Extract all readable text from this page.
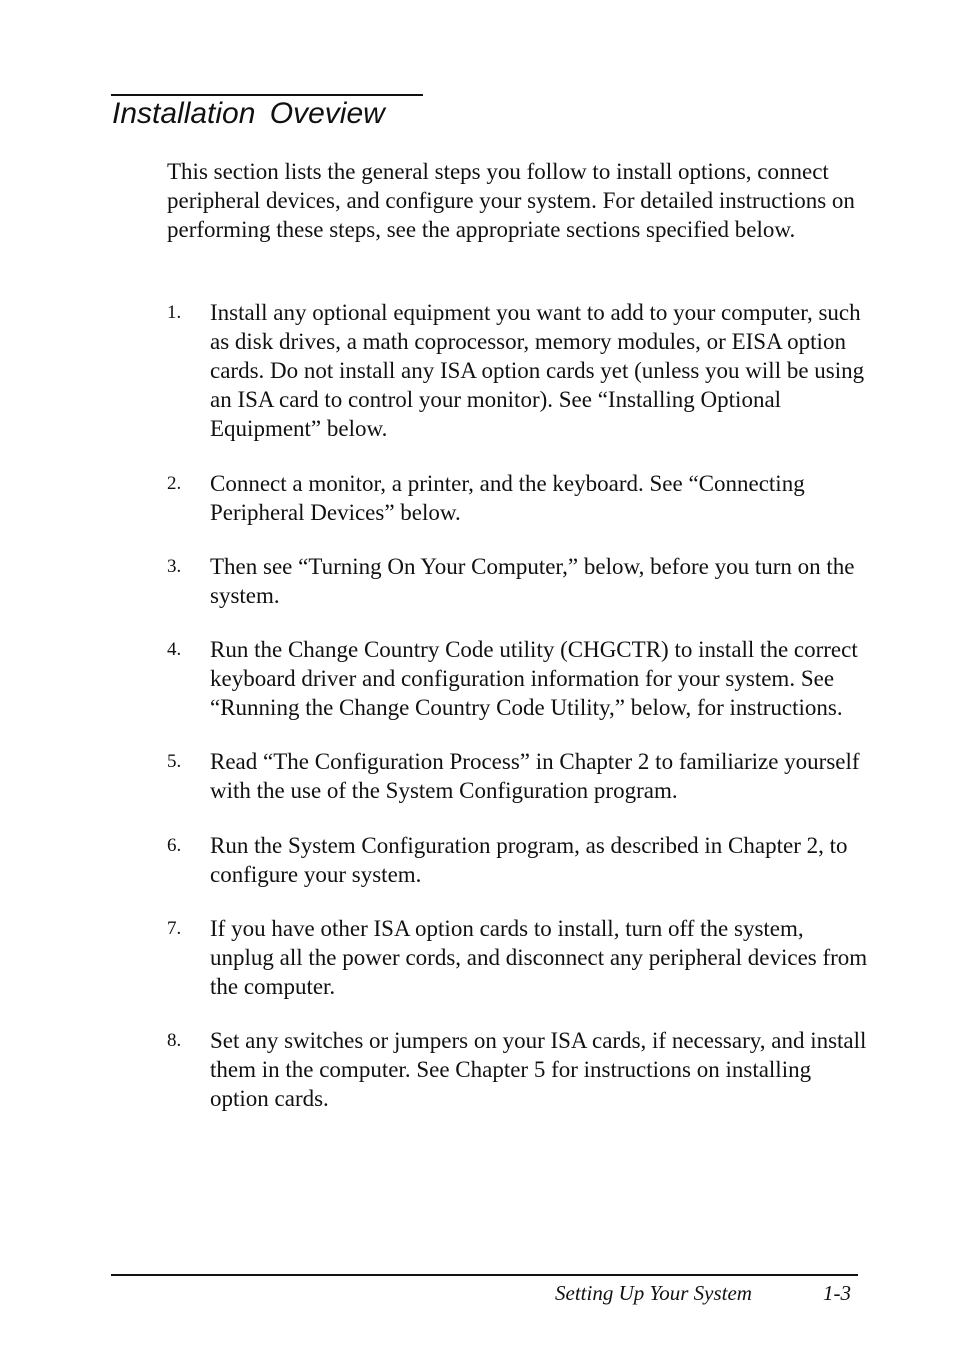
Installation Oveview

This section lists the general steps you follow to install options, connect peripheral devices, and configure your system. For detailed instructions on performing these steps, see the appropriate sections specified below.

1. Install any optional equipment you want to add to your computer, such as disk drives, a math coprocessor, memory modules, or EISA option cards. Do not install any ISA option cards yet (unless you will be using an ISA card to control your monitor). See “Installing Optional Equipment” below.
2. Connect a monitor, a printer, and the keyboard. See “Connecting Peripheral Devices” below.
3. Then see “Turning On Your Computer,” below, before you turn on the system.
4. Run the Change Country Code utility (CHGCTR) to install the correct keyboard driver and configuration information for your system. See “Running the Change Country Code Utility,” below, for instructions.
5. Read “The Configuration Process” in Chapter 2 to familiarize yourself with the use of the System Configuration program.
6. Run the System Configuration program, as described in Chapter 2, to configure your system.
7. If you have other ISA option cards to install, turn off the system, unplug all the power cords, and disconnect any peripheral devices from the computer.
8. Set any switches or jumpers on your ISA cards, if necessary, and install them in the computer. See Chapter 5 for instructions on installing option cards.
Setting Up Your System	1-3
